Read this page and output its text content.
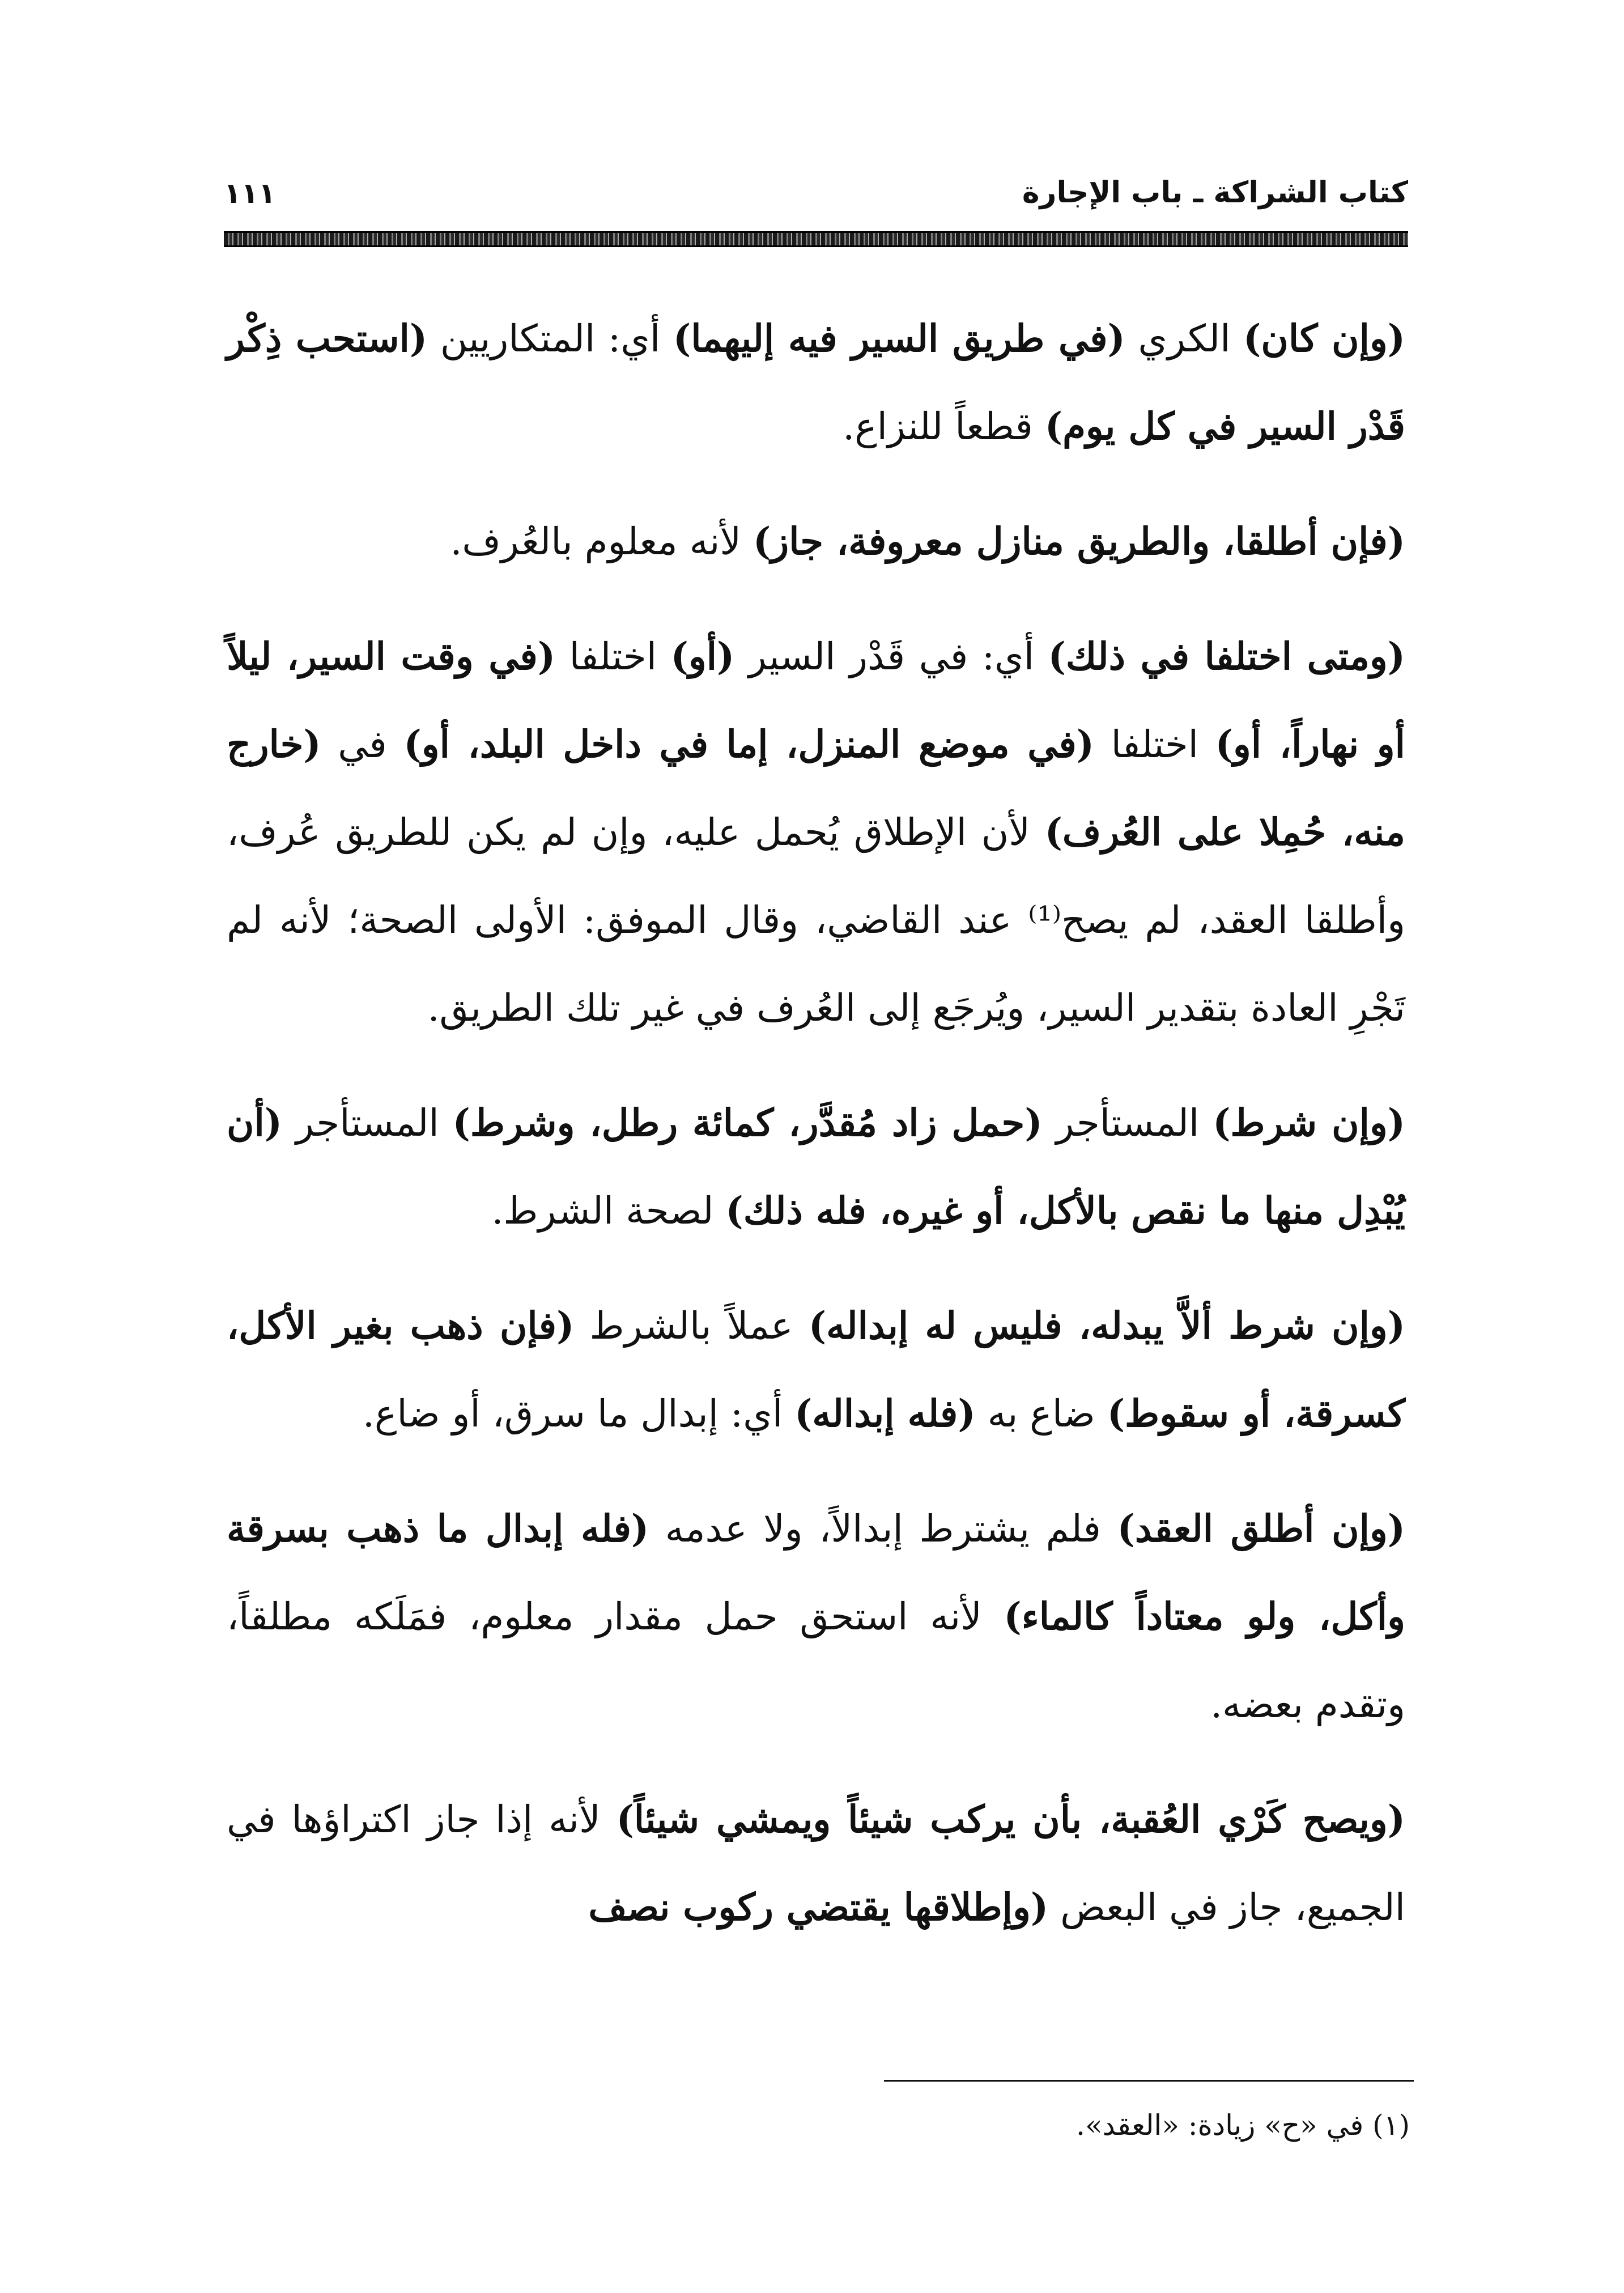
كتاب الشراكة ـ باب الإجارة
١١١

(وإن كان) الكري (في طريق السير فيه إليهما) أي: المتكاريين (استحب ذِكْر قَدْر السير في كل يوم) قطعاً للنزاع.

(فإن أطلقا، والطريق منازل معروفة، جاز) لأنه معلوم بالعُرف.

(ومتى اختلفا في ذلك) أي: في قَدْر السير (أو) اختلفا (في وقت السير، ليلاً أو نهاراً، أو) اختلفا (في موضع المنزل، إما في داخل البلد، أو) في (خارج منه، حُمِلا على العُرف) لأن الإطلاق يُحمل عليه، وإن لم يكن للطريق عُرف، وأطلقا العقد، لم يصح⁽¹⁾ عند القاضي، وقال الموفق: الأولى الصحة؛ لأنه لم تَجْرِ العادة بتقدير السير، ويُرجَع إلى العُرف في غير تلك الطريق.

(وإن شرط) المستأجر (حمل زاد مُقدَّر، كمائة رطل، وشرط) المستأجر (أن يُبْدِل منها ما نقص بالأكل، أو غيره، فله ذلك) لصحة الشرط.

(وإن شرط ألاَّ يبدله، فليس له إبداله) عملاً بالشرط (فإن ذهب بغير الأكل، كسرقة، أو سقوط) ضاع به (فله إبداله) أي: إبدال ما سرق، أو ضاع.

(وإن أطلق العقد) فلم يشترط إبدالاً، ولا عدمه (فله إبدال ما ذهب بسرقة وأكل، ولو معتاداً كالماء) لأنه استحق حمل مقدار معلوم، فمَلَكه مطلقاً، وتقدم بعضه.

(ويصح كَرْي العُقبة، بأن يركب شيئاً ويمشي شيئاً) لأنه إذا جاز اكتراؤها في الجميع، جاز في البعض (وإطلاقها يقتضي ركوب نصف

(١) في «ح» زيادة: «العقد».
